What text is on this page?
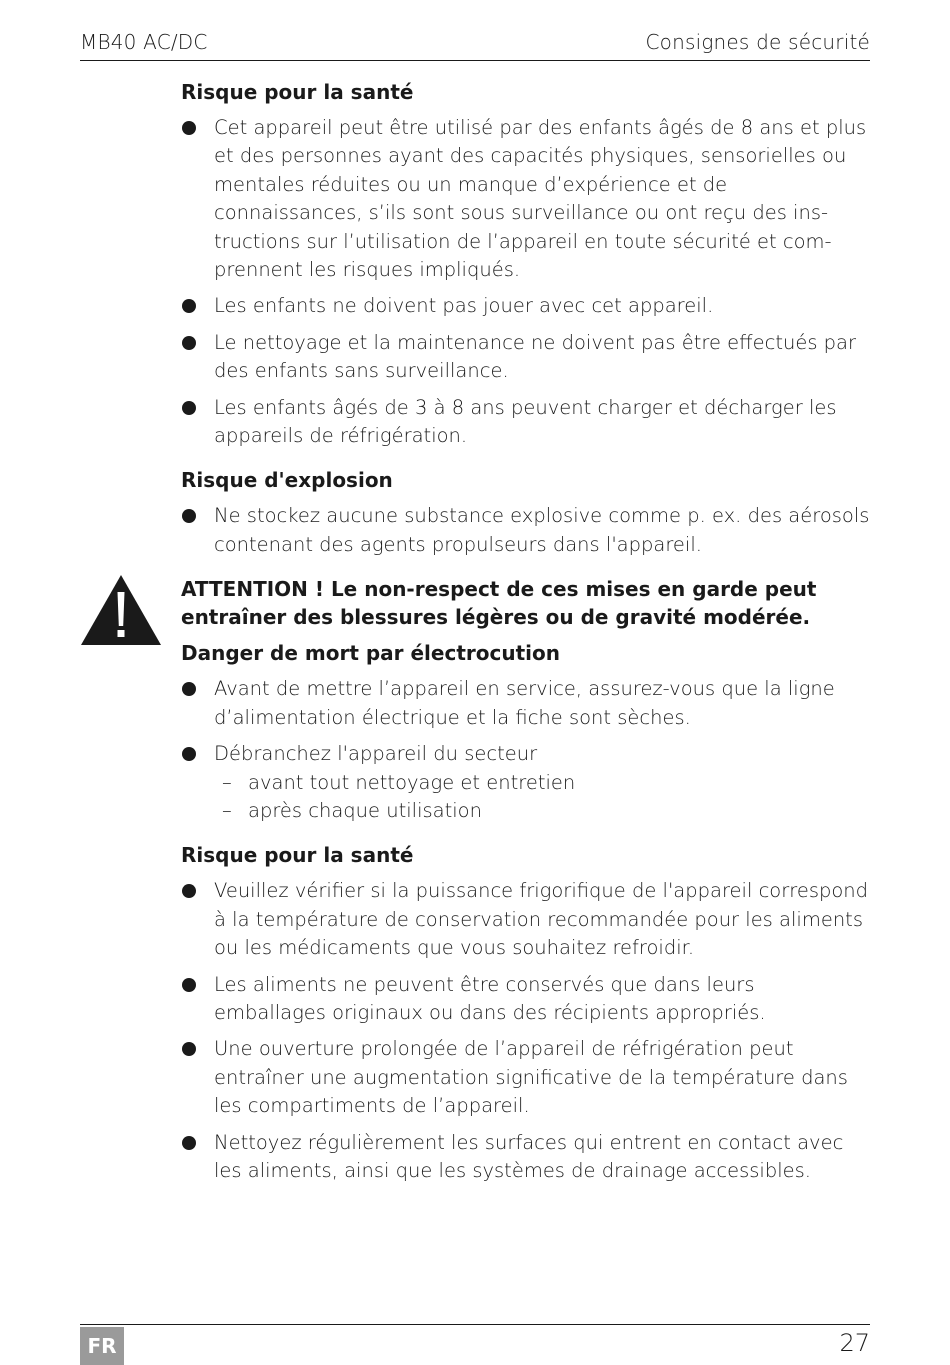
MB40 AC/DC	Consignes de sécurité
Risque pour la santé
Cet appareil peut être utilisé par des enfants âgés de 8 ans et plus et des personnes ayant des capacités physiques, sensorielles ou mentales réduites ou un manque d’expérience et de connaissances, s’ils sont sous surveillance ou ont reçu des instructions sur l’utilisation de l’appareil en toute sécurité et comprennent les risques impliqués.
Les enfants ne doivent pas jouer avec cet appareil.
Le nettoyage et la maintenance ne doivent pas être effectués par des enfants sans surveillance.
Les enfants âgés de 3 à 8 ans peuvent charger et décharger les appareils de réfrigération.
Risque d'explosion
Ne stockez aucune substance explosive comme p. ex. des aérosols contenant des agents propulseurs dans l'appareil.
ATTENTION ! Le non-respect de ces mises en garde peut entraîner des blessures légères ou de gravité modérée.
Danger de mort par électrocution
Avant de mettre l’appareil en service, assurez-vous que la ligne d’alimentation électrique et la fiche sont sèches.
Débranchez l'appareil du secteur
– avant tout nettoyage et entretien
– après chaque utilisation
Risque pour la santé
Veuillez vérifier si la puissance frigorifique de l'appareil correspond à la température de conservation recommandée pour les aliments ou les médicaments que vous souhaitez refroidir.
Les aliments ne peuvent être conservés que dans leurs emballages originaux ou dans des récipients appropriés.
Une ouverture prolongée de l’appareil de réfrigération peut entraîner une augmentation significative de la température dans les compartiments de l’appareil.
Nettoyez régulièrement les surfaces qui entrent en contact avec les aliments, ainsi que les systèmes de drainage accessibles.
FR	27
